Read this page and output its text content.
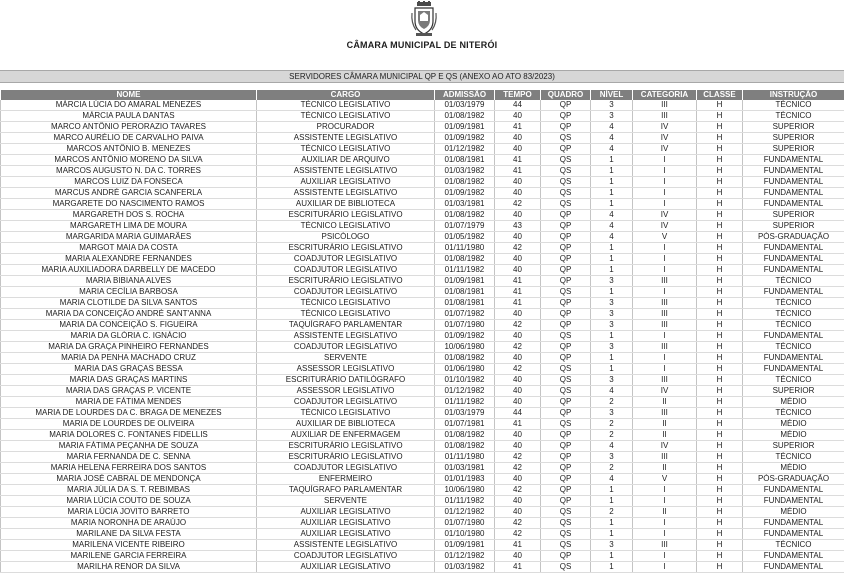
CÂMARA MUNICIPAL DE NITERÓI
SERVIDORES CÂMARA MUNICIPAL QP E QS (ANEXO AO ATO 83/2023)
NOME	CARGO	ADMISSÃO	TEMPO	QUADRO	NÍVEL	CATEGORIA	CLASSE	INSTRUÇÃO
MÁRCIA LÚCIA DO AMARAL MENEZES	TÉCNICO LEGISLATIVO	01/03/1979	44	QP	3	III	H	TÉCNICO
MÁRCIA PAULA DANTAS	TÉCNICO LEGISLATIVO	01/08/1982	40	QP	3	III	H	TÉCNICO
MARCO ANTÔNIO PERORAZIO TAVARES	PROCURADOR	01/09/1981	41	QP	4	IV	H	SUPERIOR
MARCO AURÉLIO DE CARVALHO PAIVA	ASSISTENTE LEGISLATIVO	01/09/1982	40	QS	4	IV	H	SUPERIOR
MARCOS ANTÔNIO B. MENEZES	TÉCNICO LEGISLATIVO	01/12/1982	40	QP	4	IV	H	SUPERIOR
MARCOS ANTÔNIO MORENO DA SILVA	AUXILIAR DE ARQUIVO	01/08/1981	41	QS	1	I	H	FUNDAMENTAL
MARCOS AUGUSTO N. DA C. TORRES	ASSISTENTE LEGISLATIVO	01/03/1982	41	QS	1	I	H	FUNDAMENTAL
MARCOS LUIZ DA FONSECA	AUXILIAR LEGISLATIVO	01/08/1982	40	QS	1	I	H	FUNDAMENTAL
MARCUS ANDRÉ GARCIA SCANFERLA	ASSISTENTE LEGISLATIVO	01/09/1982	40	QS	1	I	H	FUNDAMENTAL
MARGARETE DO NASCIMENTO RAMOS	AUXILIAR DE BIBLIOTECA	01/03/1981	42	QS	1	I	H	FUNDAMENTAL
MARGARETH DOS S. ROCHA	ESCRITURÁRIO LEGISLATIVO	01/08/1982	40	QP	4	IV	H	SUPERIOR
MARGARETH LIMA DE MOURA	TÉCNICO LEGISLATIVO	01/07/1979	43	QP	4	IV	H	SUPERIOR
MARGARIDA MARIA GUIMARÃES	PSICÓLOGO	01/05/1982	40	QP	4	V	H	PÓS-GRADUAÇÃO
MARGOT MAIA DA COSTA	ESCRITURÁRIO LEGISLATIVO	01/11/1980	42	QP	1	I	H	FUNDAMENTAL
MARIA ALEXANDRE FERNANDES	COADJUTOR LEGISLATIVO	01/08/1982	40	QP	1	I	H	FUNDAMENTAL
MARIA AUXILIADORA DARBELLY DE MACEDO	COADJUTOR LEGISLATIVO	01/11/1982	40	QP	1	I	H	FUNDAMENTAL
MARIA BIBIANA ALVES	ESCRITURÁRIO LEGISLATIVO	01/09/1981	41	QP	3	III	H	TÉCNICO
MARIA CECÍLIA BARBOSA	COADJUTOR LEGISLATIVO	01/08/1981	41	QS	1	I	H	FUNDAMENTAL
MARIA CLOTILDE DA SILVA SANTOS	TÉCNICO LEGISLATIVO	01/08/1981	41	QP	3	III	H	TÉCNICO
MARIA DA CONCEIÇÃO ANDRÉ SANT'ANNA	TÉCNICO LEGISLATIVO	01/07/1982	40	QP	3	III	H	TÉCNICO
MARIA DA CONCEIÇÃO S. FIGUEIRA	TAQUÍGRAFO PARLAMENTAR	01/07/1980	42	QP	3	III	H	TÉCNICO
MARIA DA GLÓRIA C. IGNÁCIO	ASSISTENTE LEGISLATIVO	01/09/1982	40	QS	1	I	H	FUNDAMENTAL
MARIA DA GRAÇA PINHEIRO FERNANDES	COADJUTOR LEGISLATIVO	10/06/1980	42	QP	3	III	H	TÉCNICO
MARIA DA PENHA MACHADO CRUZ	SERVENTE	01/08/1982	40	QP	1	I	H	FUNDAMENTAL
MARIA DAS GRAÇAS BESSA	ASSESSOR LEGISLATIVO	01/06/1980	42	QS	1	I	H	FUNDAMENTAL
MARIA DAS GRAÇAS MARTINS	ESCRITURÁRIO DATILÓGRAFO	01/10/1982	40	QS	3	III	H	TÉCNICO
MARIA DAS GRAÇAS P. VICENTE	ASSESSOR LEGISLATIVO	01/12/1982	40	QS	4	IV	H	SUPERIOR
MARIA DE FÁTIMA MENDES	COADJUTOR LEGISLATIVO	01/11/1982	40	QP	2	II	H	MÉDIO
MARIA DE LOURDES DA C. BRAGA DE MENEZES	TÉCNICO LEGISLATIVO	01/03/1979	44	QP	3	III	H	TÉCNICO
MARIA DE LOURDES DE OLIVEIRA	AUXILIAR DE BIBLIOTECA	01/07/1981	41	QS	2	II	H	MÉDIO
MARIA DOLORES C. FONTANES FIDELLIS	AUXILIAR DE ENFERMAGEM	01/08/1982	40	QP	2	II	H	MÉDIO
MARIA FÁTIMA PEÇANHA DE SOUZA	ESCRITURÁRIO LEGISLATIVO	01/08/1982	40	QP	4	IV	H	SUPERIOR
MARIA FERNANDA DE C. SENNA	ESCRITURÁRIO LEGISLATIVO	01/11/1980	42	QP	3	III	H	TÉCNICO
MARIA HELENA FERREIRA DOS SANTOS	COADJUTOR LEGISLATIVO	01/03/1981	42	QP	2	II	H	MÉDIO
MARIA JOSÉ CABRAL DE MENDONÇA	ENFERMEIRO	01/01/1983	40	QP	4	V	H	PÓS-GRADUAÇÃO
MARIA JÚLIA DA S. T. REBIMBAS	TAQUÍGRAFO PARLAMENTAR	10/06/1980	42	QP	1	I	H	FUNDAMENTAL
MARIA LÚCIA COUTO DE SOUZA	SERVENTE	01/11/1982	40	QP	1	I	H	FUNDAMENTAL
MARIA LÚCIA JOVITO BARRETO	AUXILIAR LEGISLATIVO	01/12/1982	40	QS	2	II	H	MÉDIO
MARIA NORONHA DE ARAÚJO	AUXILIAR LEGISLATIVO	01/07/1980	42	QS	1	I	H	FUNDAMENTAL
MARILANE DA SILVA FESTA	AUXILIAR LEGISLATIVO	01/10/1980	42	QS	1	I	H	FUNDAMENTAL
MARILENA VICENTE RIBEIRO	ASSISTENTE LEGISLATIVO	01/09/1981	41	QS	3	III	H	TÉCNICO
MARILENE GARCIA FERREIRA	COADJUTOR LEGISLATIVO	01/12/1982	40	QP	1	I	H	FUNDAMENTAL
MARILHA RENOR DA SILVA	AUXILIAR LEGISLATIVO	01/03/1982	41	QS	1	I	H	FUNDAMENTAL
